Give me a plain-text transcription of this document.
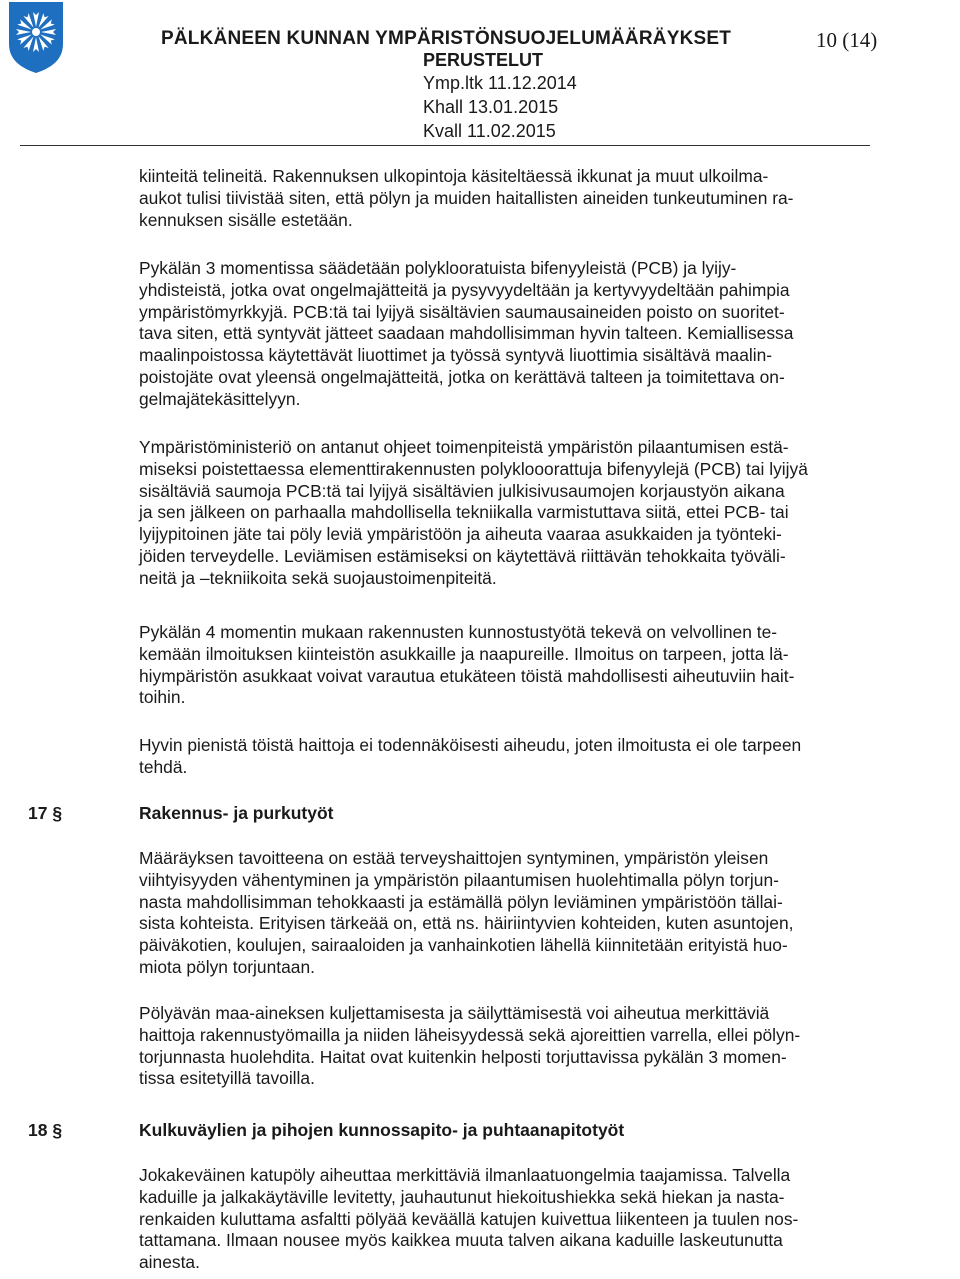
PÄLKÄNEEN KUNNAN YMPÄRISTÖNSUOJELUMÄÄRÄYKSET	10 (14)
PERUSTELUT
Ymp.ltk 11.12.2014
Khall 13.01.2015
Kvall 11.02.2015
kiinteitä telineitä. Rakennuksen ulkopintoja käsiteltäessä ikkunat ja muut ulkoilma-
aukot tulisi tiivistää siten, että pölyn ja muiden haitallisten aineiden tunkeutuminen ra-
kennuksen sisälle estetään.
Pykälän 3 momentissa säädetään polyklooratuista bifenyyleistä (PCB) ja lyijy-
yhdisteistä, jotka ovat ongelmajätteitä ja pysyvyydeltään ja kertyvyydeltään pahimpia
ympäristömyrkkyjä. PCB:tä tai lyijyä sisältävien saumausaineiden poisto on suoritet-
tava siten, että syntyvät jätteet saadaan mahdollisimman hyvin talteen. Kemiallisessa
maalinpoistossa käytettävät liuottimet ja työssä syntyvä liuottimia sisältävä maalin-
poistojäte ovat yleensä ongelmajätteitä, jotka on kerättävä talteen ja toimitettava on-
gelmajätekäsittelyyn.
Ympäristöministeriö on antanut ohjeet toimenpiteistä ympäristön pilaantumisen estä-
miseksi poistettaessa elementtirakennusten polyklooorattuja bifenyylejä (PCB) tai lyijyä
sisältäviä saumoja PCB:tä tai lyijyä sisältävien julkisivusaumojen korjaustyön aikana
ja sen jälkeen on parhaalla mahdollisella tekniikalla varmistuttava siitä, ettei PCB- tai
lyijypitoinen jäte tai pöly leviä ympäristöön ja aiheuta vaaraa asukkaiden ja työnteki-
jöiden terveydelle. Leviämisen estämiseksi on käytettävä riittävän tehokkaita työväli-
neitä ja –tekniikoita sekä suojaustoimenpiteitä.
Pykälän 4 momentin mukaan rakennusten kunnostustyötä tekevä on velvollinen te-
kemään ilmoituksen kiinteistön asukkaille ja naapureille. Ilmoitus on tarpeen, jotta lä-
hiympäristön asukkaat voivat varautua etukäteen töistä mahdollisesti aiheutuviin hait-
toihin.
Hyvin pienistä töistä haittoja ei todennäköisesti aiheudu, joten ilmoitusta ei ole tarpeen
tehdä.
17 §	Rakennus- ja purkutyöt
Määräyksen tavoitteena on estää terveyshaittojen syntyminen, ympäristön yleisen
viihtyisyyden vähentyminen ja ympäristön pilaantumisen huolehtimalla pölyn torjun-
nasta mahdollisimman tehokkaasti ja estämällä pölyn leviäminen ympäristöön tällai-
sista kohteista. Erityisen tärkeää on, että ns. häiriintyvien kohteiden, kuten asuntojen,
päiväkotien, koulujen, sairaaloiden ja vanhainkotien lähellä kiinnitetään erityistä huo-
miota pölyn torjuntaan.
Pölyävän maa-aineksen kuljettamisesta ja säilyttämisestä voi aiheutua merkittäviä
haittoja rakennustyömailla ja niiden läheisyydessä sekä ajoreittien varrella, ellei pölyn-
torjunnasta huolehdita. Haitat ovat kuitenkin helposti torjuttavissa pykälän 3 momen-
tissa esitetyillä tavoilla.
18 §	Kulkuväylien ja pihojen kunnossapito- ja puhtaanapitotyöt
Jokakeväinen katupöly aiheuttaa merkittäviä ilmanlaatuongelmia taajamissa. Talvella
kaduille ja jalkakäytäville levitetty, jauhautunut hiekoitushiekka sekä hiekan ja nasta-
renkaiden kuluttama asfaltti pölyää keväällä katujen kuivettua liikenteen ja tuulen nos-
tattamana. Ilmaan nousee myös kaikkea muuta talven aikana kaduille laskeutunutta
ainesta.
